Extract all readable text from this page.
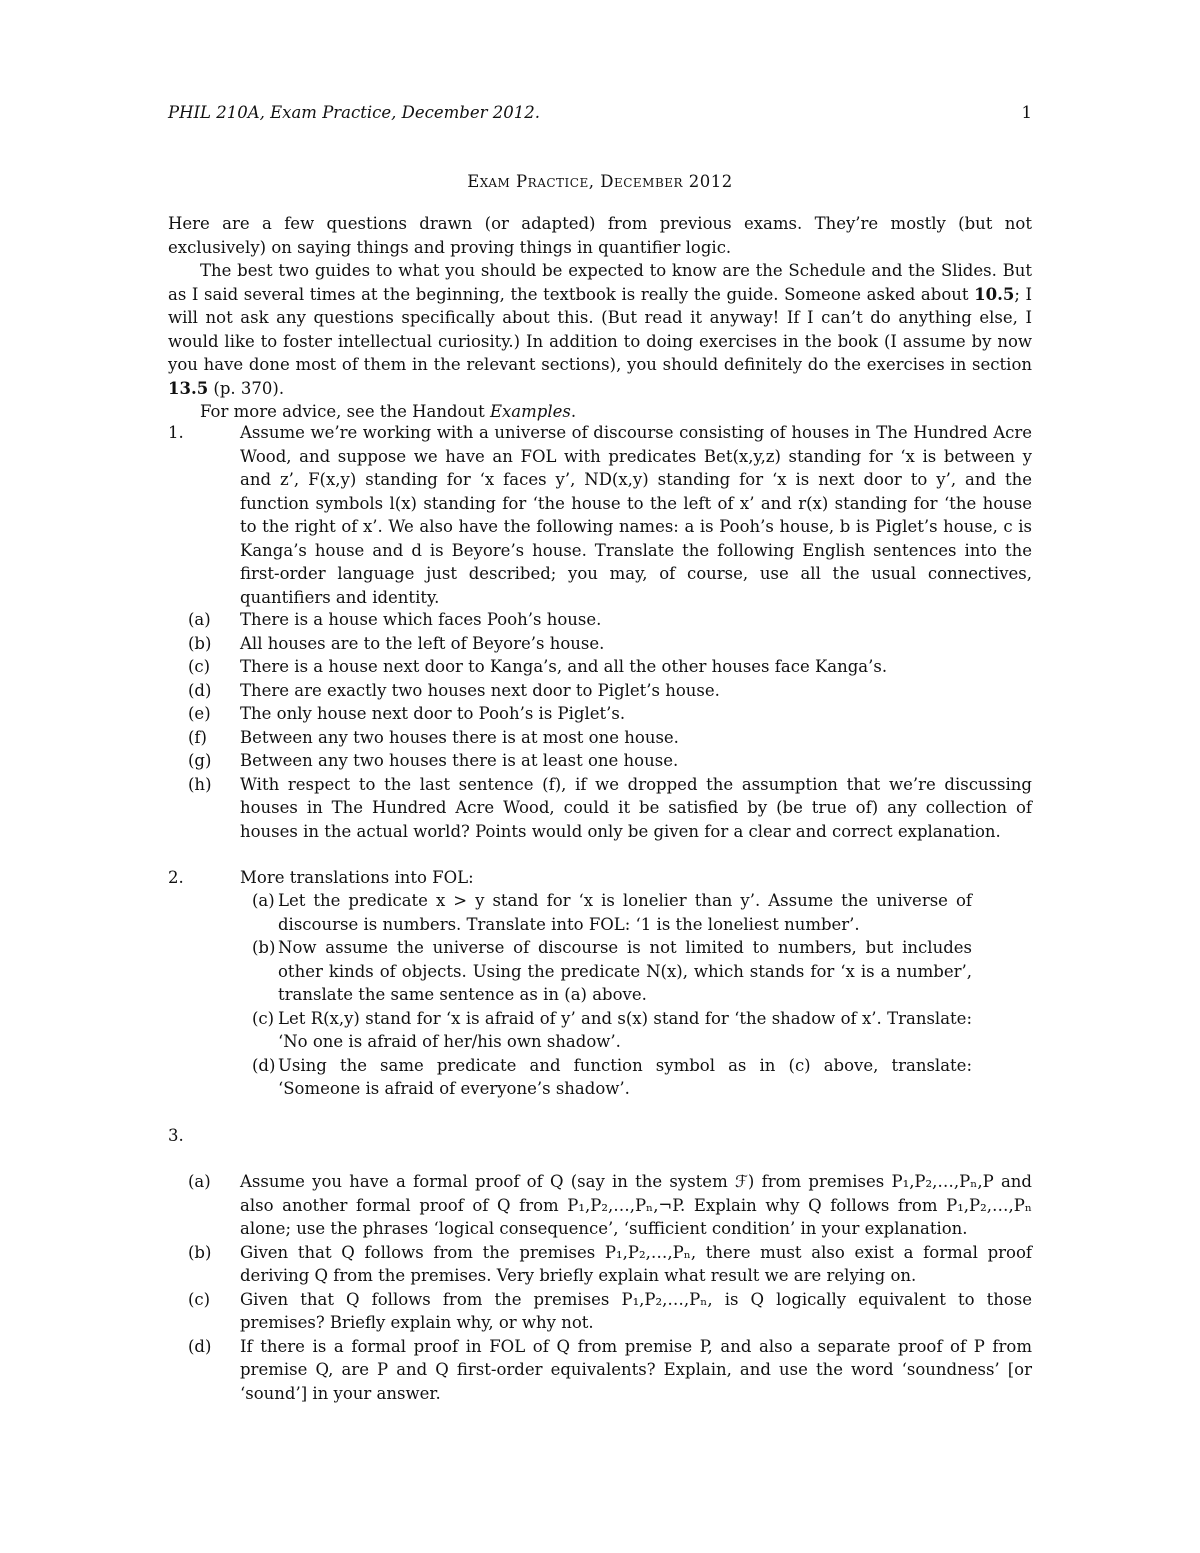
PHIL 210A, Exam Practice, December 2012.	1
Exam Practice, December 2012

Here are a few questions drawn (or adapted) from previous exams. They’re mostly (but not exclusively) on saying things and proving things in quantifier logic.

The best two guides to what you should be expected to know are the Schedule and the Slides. But as I said several times at the beginning, the textbook is really the guide. Someone asked about 10.5; I will not ask any questions specifically about this. (But read it anyway! If I can’t do anything else, I would like to foster intellectual curiosity.) In addition to doing exercises in the book (I assume by now you have done most of them in the relevant sections), you should definitely do the exercises in section 13.5 (p. 370).

For more advice, see the Handout Examples.

1.	Assume we’re working with a universe of discourse consisting of houses in The Hundred Acre Wood, and suppose we have an FOL with predicates Bet(x,y,z) standing for ‘x is between y and z’, F(x,y) standing for ‘x faces y’, ND(x,y) standing for ‘x is next door to y’, and the function symbols l(x) standing for ‘the house to the left of x’ and r(x) standing for ‘the house to the right of x’. We also have the following names: a is Pooh’s house, b is Piglet’s house, c is Kanga’s house and d is Beyore’s house. Translate the following English sentences into the first-order language just described; you may, of course, use all the usual connectives, quantifiers and identity.
(a) There is a house which faces Pooh’s house.
(b) All houses are to the left of Beyore’s house.
(c) There is a house next door to Kanga’s, and all the other houses face Kanga’s.
(d) There are exactly two houses next door to Piglet’s house.
(e) The only house next door to Pooh’s is Piglet’s.
(f) Between any two houses there is at most one house.
(g) Between any two houses there is at least one house.
(h) With respect to the last sentence (f), if we dropped the assumption that we’re discussing houses in The Hundred Acre Wood, could it be satisfied by (be true of) any collection of houses in the actual world? Points would only be given for a clear and correct explanation.
2.	More translations into FOL:
(a) Let the predicate x > y stand for ‘x is lonelier than y’. Assume the universe of discourse is numbers. Translate into FOL: ‘1 is the loneliest number’.
(b) Now assume the universe of discourse is not limited to numbers, but includes other kinds of objects. Using the predicate N(x), which stands for ‘x is a number’, translate the same sentence as in (a) above.
(c) Let R(x,y) stand for ‘x is afraid of y’ and s(x) stand for ‘the shadow of x’. Translate: ‘No one is afraid of her/his own shadow’.
(d) Using the same predicate and function symbol as in (c) above, translate: ‘Someone is afraid of everyone’s shadow’.
3.
(a) Assume you have a formal proof of Q (say in the system ℱ) from premises P₁,P₂,…,Pₙ,P and also another formal proof of Q from P₁,P₂,…,Pₙ,¬P. Explain why Q follows from P₁,P₂,…,Pₙ alone; use the phrases ‘logical consequence’, ‘sufficient condition’ in your explanation.
(b) Given that Q follows from the premises P₁,P₂,…,Pₙ, there must also exist a formal proof deriving Q from the premises. Very briefly explain what result we are relying on.
(c) Given that Q follows from the premises P₁,P₂,…,Pₙ, is Q logically equivalent to those premises? Briefly explain why, or why not.
(d) If there is a formal proof in FOL of Q from premise P, and also a separate proof of P from premise Q, are P and Q first-order equivalents? Explain, and use the word ‘soundness’ [or ‘sound’] in your answer.
